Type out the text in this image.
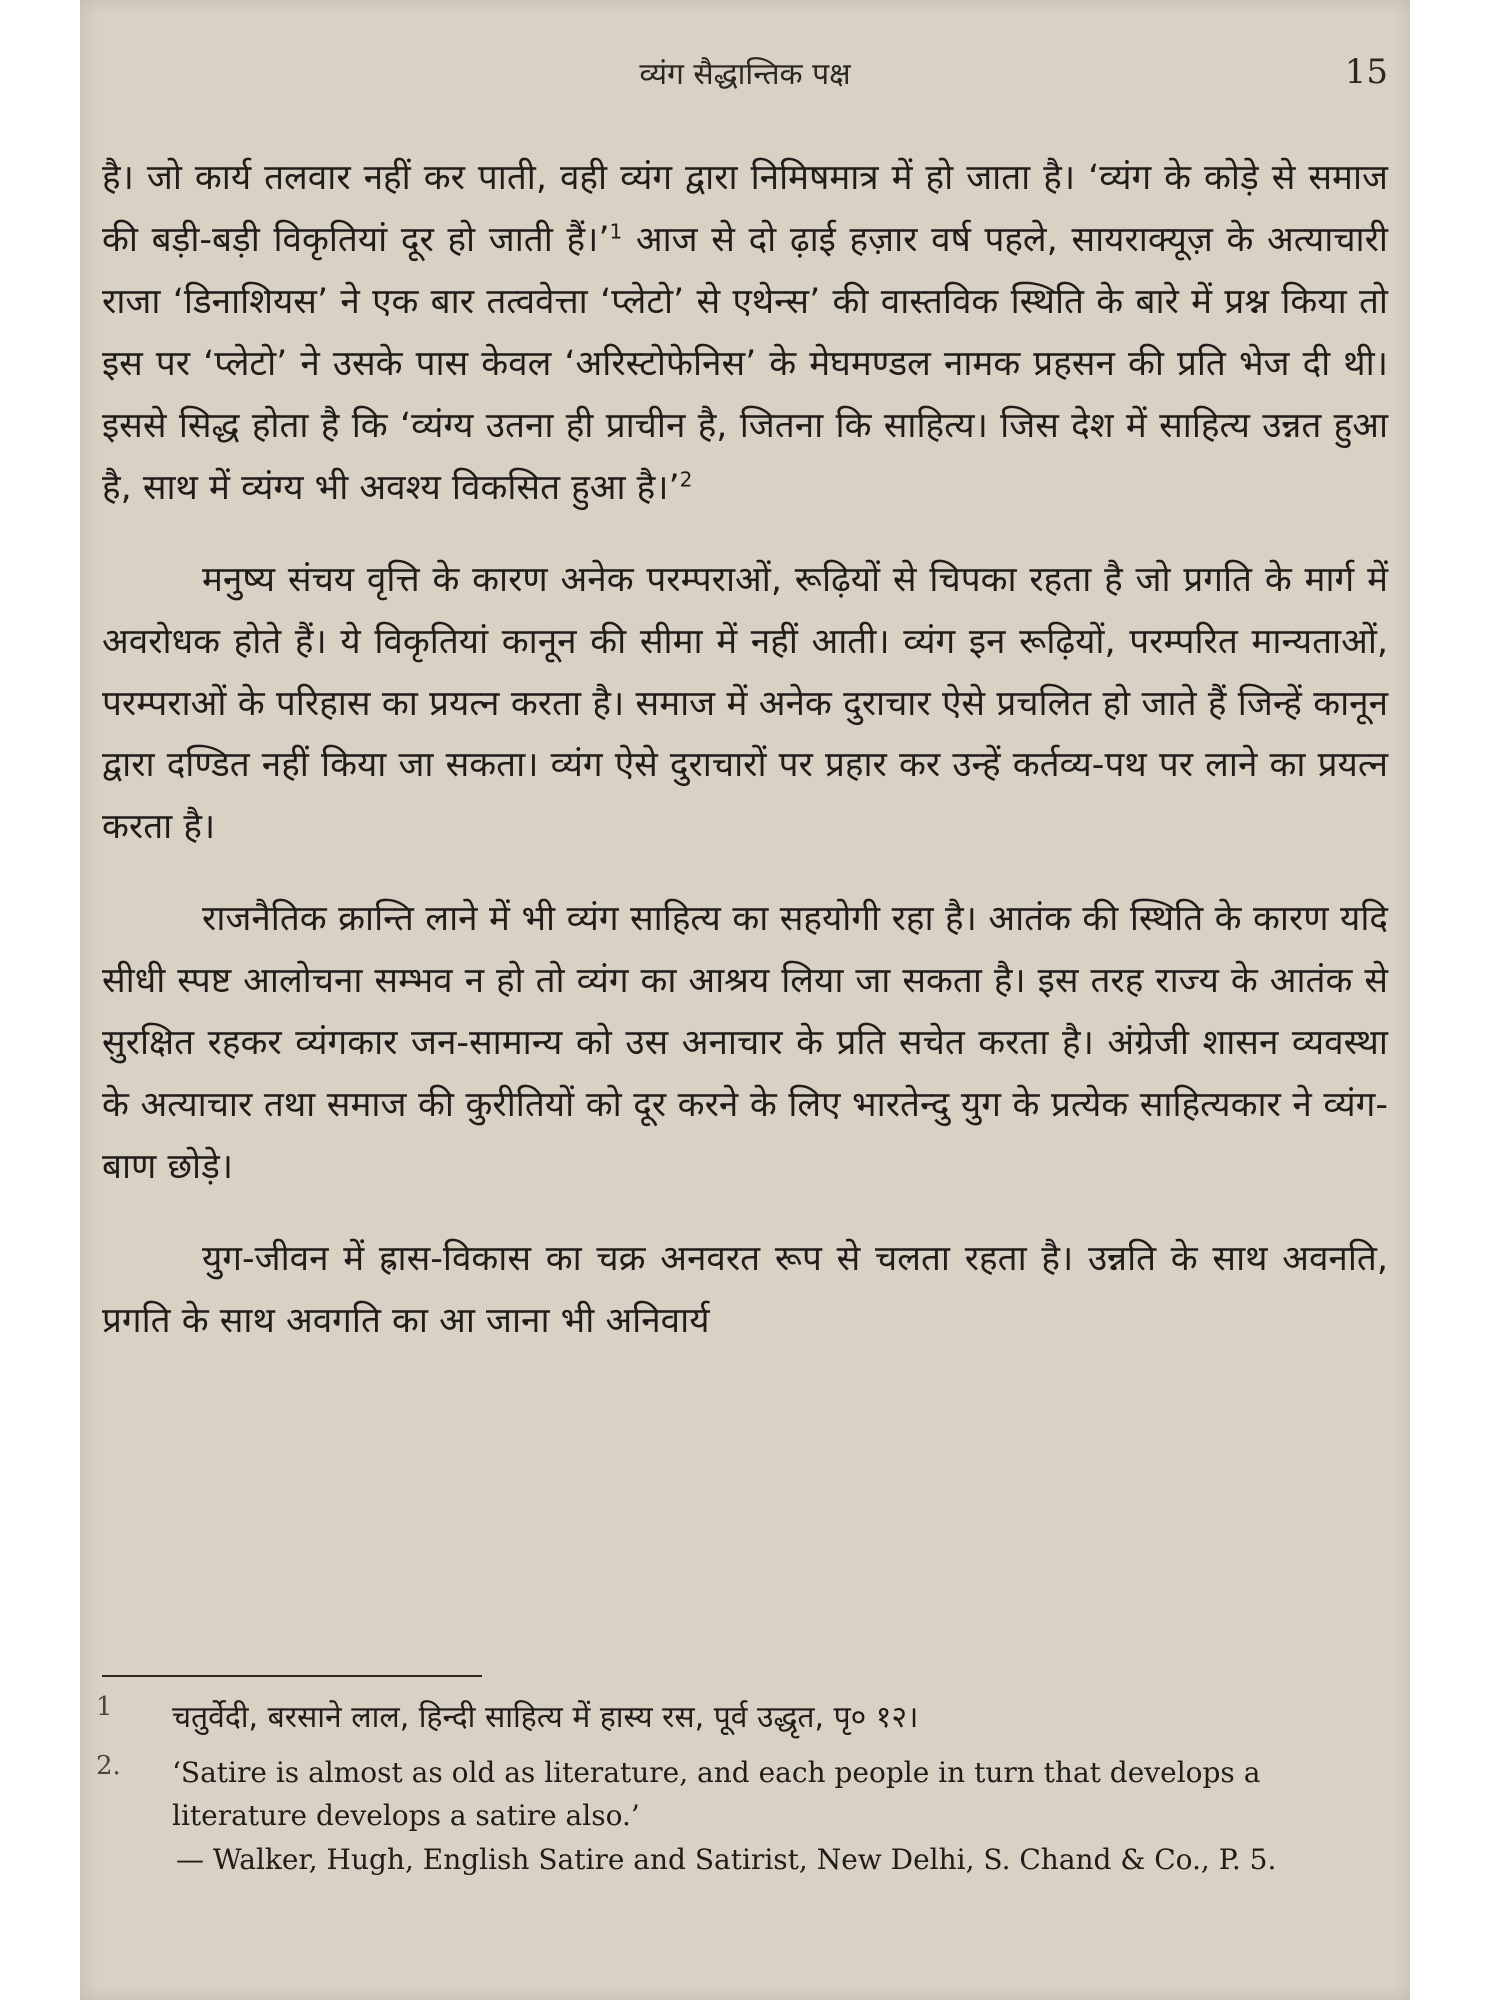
व्यंग सैद्धान्तिक पक्ष	15

है। जो कार्य तलवार नहीं कर पाती, वही व्यंग द्वारा निमिषमात्र में हो जाता है। ‘व्यंग के कोड़े से समाज की बड़ी-बड़ी विकृतियां दूर हो जाती हैं।’$^1$ आज से दो ढ़ाई हज़ार वर्ष पहले, सायराक्यूज़ के अत्याचारी राजा ‘डिनाशियस’ ने एक बार तत्ववेत्ता ‘प्लेटो’ से एथेन्स’ की वास्तविक स्थिति के बारे में प्रश्न किया तो इस पर ‘प्लेटो’ ने उसके पास केवल ‘अरिस्टोफेनिस’ के मेघमण्डल नामक प्रहसन की प्रति भेज दी थी। इससे सिद्ध होता है कि ‘व्यंग्य उतना ही प्राचीन है, जितना कि साहित्य। जिस देश में साहित्य उन्नत हुआ है, साथ में व्यंग्य भी अवश्य विकसित हुआ है।’$^2$

मनुष्य संचय वृत्ति के कारण अनेक परम्पराओं, रूढ़ियों से चिपका रहता है जो प्रगति के मार्ग में अवरोधक होते हैं। ये विकृतियां कानून की सीमा में नहीं आती। व्यंग इन रूढ़ियों, परम्परित मान्यताओं, परम्पराओं के परिहास का प्रयत्न करता है। समाज में अनेक दुराचार ऐसे प्रचलित हो जाते हैं जिन्हें कानून द्वारा दण्डित नहीं किया जा सकता। व्यंग ऐसे दुराचारों पर प्रहार कर उन्हें कर्तव्य-पथ पर लाने का प्रयत्न करता है।

राजनैतिक क्रान्ति लाने में भी व्यंग साहित्य का सहयोगी रहा है। आतंक की स्थिति के कारण यदि सीधी स्पष्ट आलोचना सम्भव न हो तो व्यंग का आश्रय लिया जा सकता है। इस तरह राज्य के आतंक से सुरक्षित रहकर व्यंगकार जन-सामान्य को उस अनाचार के प्रति सचेत करता है। अंग्रेजी शासन व्यवस्था के अत्याचार तथा समाज की कुरीतियों को दूर करने के लिए भारतेन्दु युग के प्रत्येक साहित्यकार ने व्यंग-बाण छोड़े।

युग-जीवन में ह्रास-विकास का चक्र अनवरत रूप से चलता रहता है। उन्नति के साथ अवनति, प्रगति के साथ अवगति का आ जाना भी अनिवार्य

1 चतुर्वेदी, बरसाने लाल, हिन्दी साहित्य में हास्य रस, पूर्व उद्धृत, पृ० १२।
2. ‘Satire is almost as old as literature, and each people in turn that develops a literature develops a satire also.’

— Walker, Hugh, English Satire and Satirist, New Delhi, S. Chand & Co., P. 5.
